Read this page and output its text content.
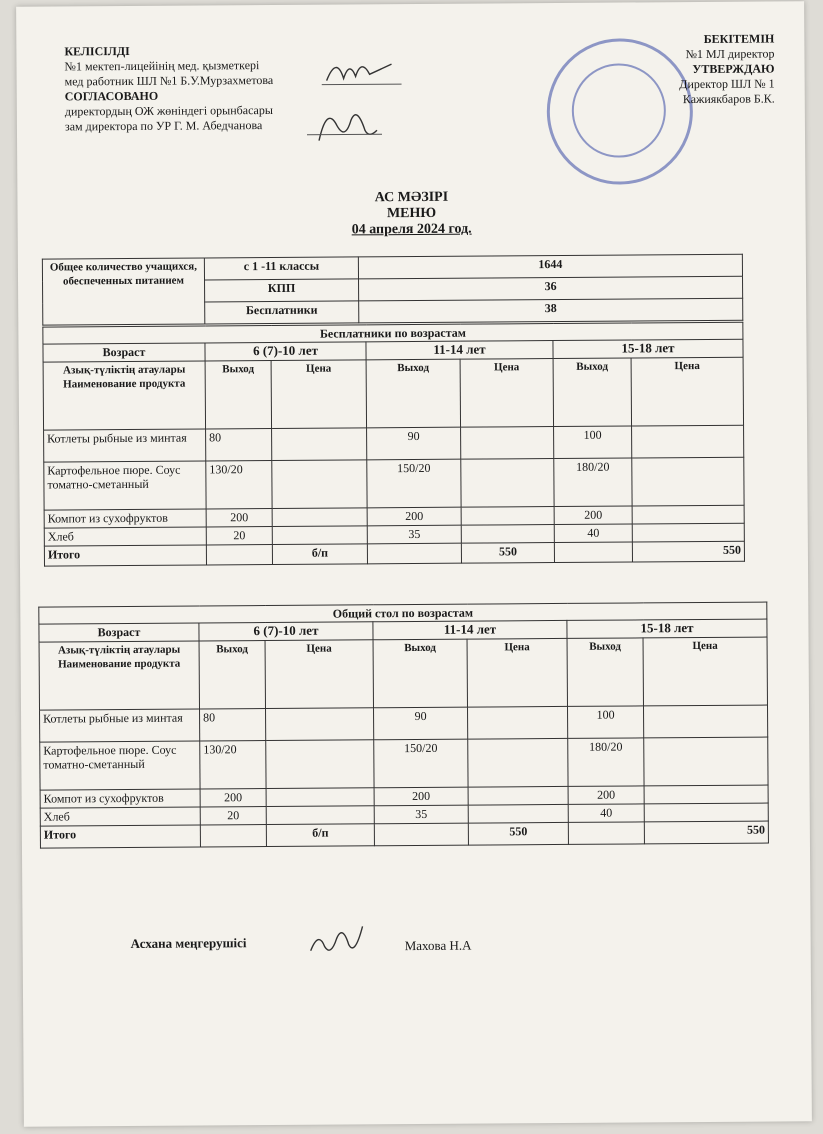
КЕЛІСІЛДІ
№1 мектеп-лицейінің мед. қызметкері
мед работник ШЛ №1 Б.У.Мурзахметова
СОГЛАСОВАНО
директордың ОЖ жөніндегі орынбасары
зам директора по УР Г. М. Абедчанова
БЕКІТЕМІН
№1 МЛ директор
УТВЕРЖДАЮ
Директор ШЛ № 1
Кажиякбаров Б.К.
АС МӘЗІРІ
МЕНЮ
04 апреля 2024 год.
Общее количество учащихся, обеспеченных питанием	с 1 -11 классы	1644
	КПП	36
	Бесплатники	38
Бесплатники по возрастам						
Возраст	6 (7)-10 лет		11-14 лет		15-18 лет	
Азық-түліктің атаулары Наименование продукта	Выход	Цена	Выход	Цена	Выход	Цена
Котлеты рыбные из минтая	80		90		100	
Картофельное пюре. Соус томатно-сметанный	130/20		150/20		180/20	
Компот из сухофруктов	200		200		200	
Хлеб	20		35		40	
Итого		б/п		550		550
Общий стол по возрастам						
Возраст	6 (7)-10 лет		11-14 лет		15-18 лет	
Азық-түліктің атаулары Наименование продукта	Выход	Цена	Выход	Цена	Выход	Цена
Котлеты рыбные из минтая	80		90		100	
Картофельное пюре. Соус томатно-сметанный	130/20		150/20		180/20	
Компот из сухофруктов	200		200		200	
Хлеб	20		35		40	
Итого		б/п		550		550
Асхана меңгерушісі	Махова Н.А
